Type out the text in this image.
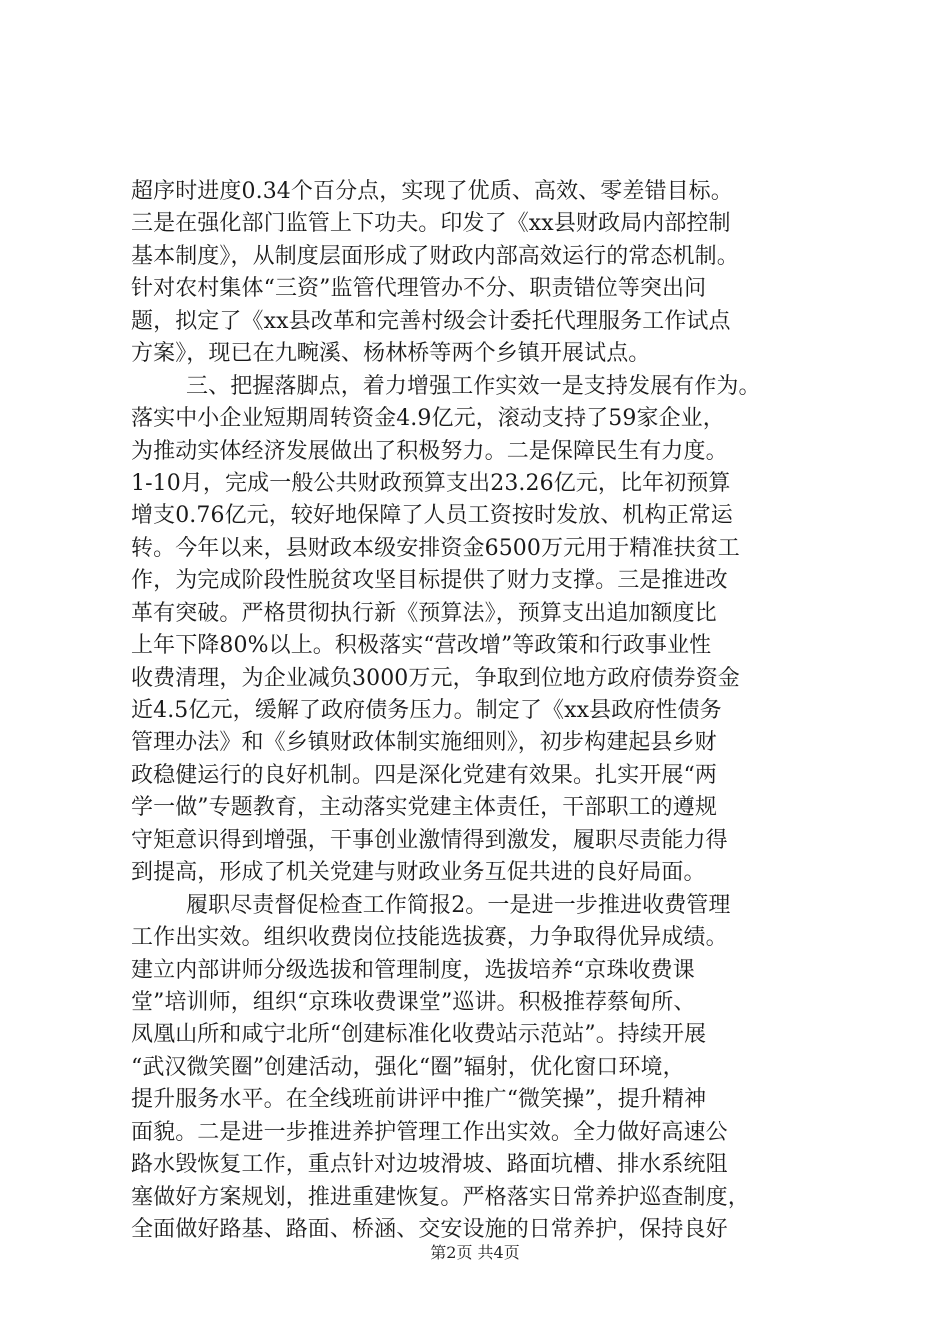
超序时进度0.34个百分点，实现了优质、高效、零差错目标。
三是在强化部门监管上下功夫。印发了《xx县财政局内部控制
基本制度》，从制度层面形成了财政内部高效运行的常态机制。
针对农村集体“三资”监管代理管办不分、职责错位等突出问
题，拟定了《xx县改革和完善村级会计委托代理服务工作试点
方案》，现已在九畹溪、杨林桥等两个乡镇开展试点。
三、把握落脚点，着力增强工作实效一是支持发展有作为。
落实中小企业短期周转资金4.9亿元，滚动支持了59家企业，
为推动实体经济发展做出了积极努力。二是保障民生有力度。
1-10月，完成一般公共财政预算支出23.26亿元，比年初预算
增支0.76亿元，较好地保障了人员工资按时发放、机构正常运
转。今年以来，县财政本级安排资金6500万元用于精准扶贫工
作，为完成阶段性脱贫攻坚目标提供了财力支撑。三是推进改
革有突破。严格贯彻执行新《预算法》，预算支出追加额度比
上年下降80%以上。积极落实“营改增”等政策和行政事业性
收费清理，为企业减负3000万元，争取到位地方政府债券资金
近4.5亿元，缓解了政府债务压力。制定了《xx县政府性债务
管理办法》和《乡镇财政体制实施细则》，初步构建起县乡财
政稳健运行的良好机制。四是深化党建有效果。扎实开展“两
学一做”专题教育，主动落实党建主体责任，干部职工的遵规
守矩意识得到增强，干事创业激情得到激发，履职尽责能力得
到提高，形成了机关党建与财政业务互促共进的良好局面。
履职尽责督促检查工作简报2。一是进一步推进收费管理
工作出实效。组织收费岗位技能选拔赛，力争取得优异成绩。
建立内部讲师分级选拔和管理制度，选拔培养“京珠收费课
堂”培训师，组织“京珠收费课堂”巡讲。积极推荐蔡甸所、
凤凰山所和咸宁北所“创建标准化收费站示范站”。持续开展
“武汉微笑圈”创建活动，强化“圈”辐射，优化窗口环境，
提升服务水平。在全线班前讲评中推广“微笑操”，提升精神
面貌。二是进一步推进养护管理工作出实效。全力做好高速公
路水毁恢复工作，重点针对边坡滑坡、路面坑槽、排水系统阻
塞做好方案规划，推进重建恢复。严格落实日常养护巡查制度，
全面做好路基、路面、桥涵、交安设施的日常养护，保持良好
第2页 共4页
